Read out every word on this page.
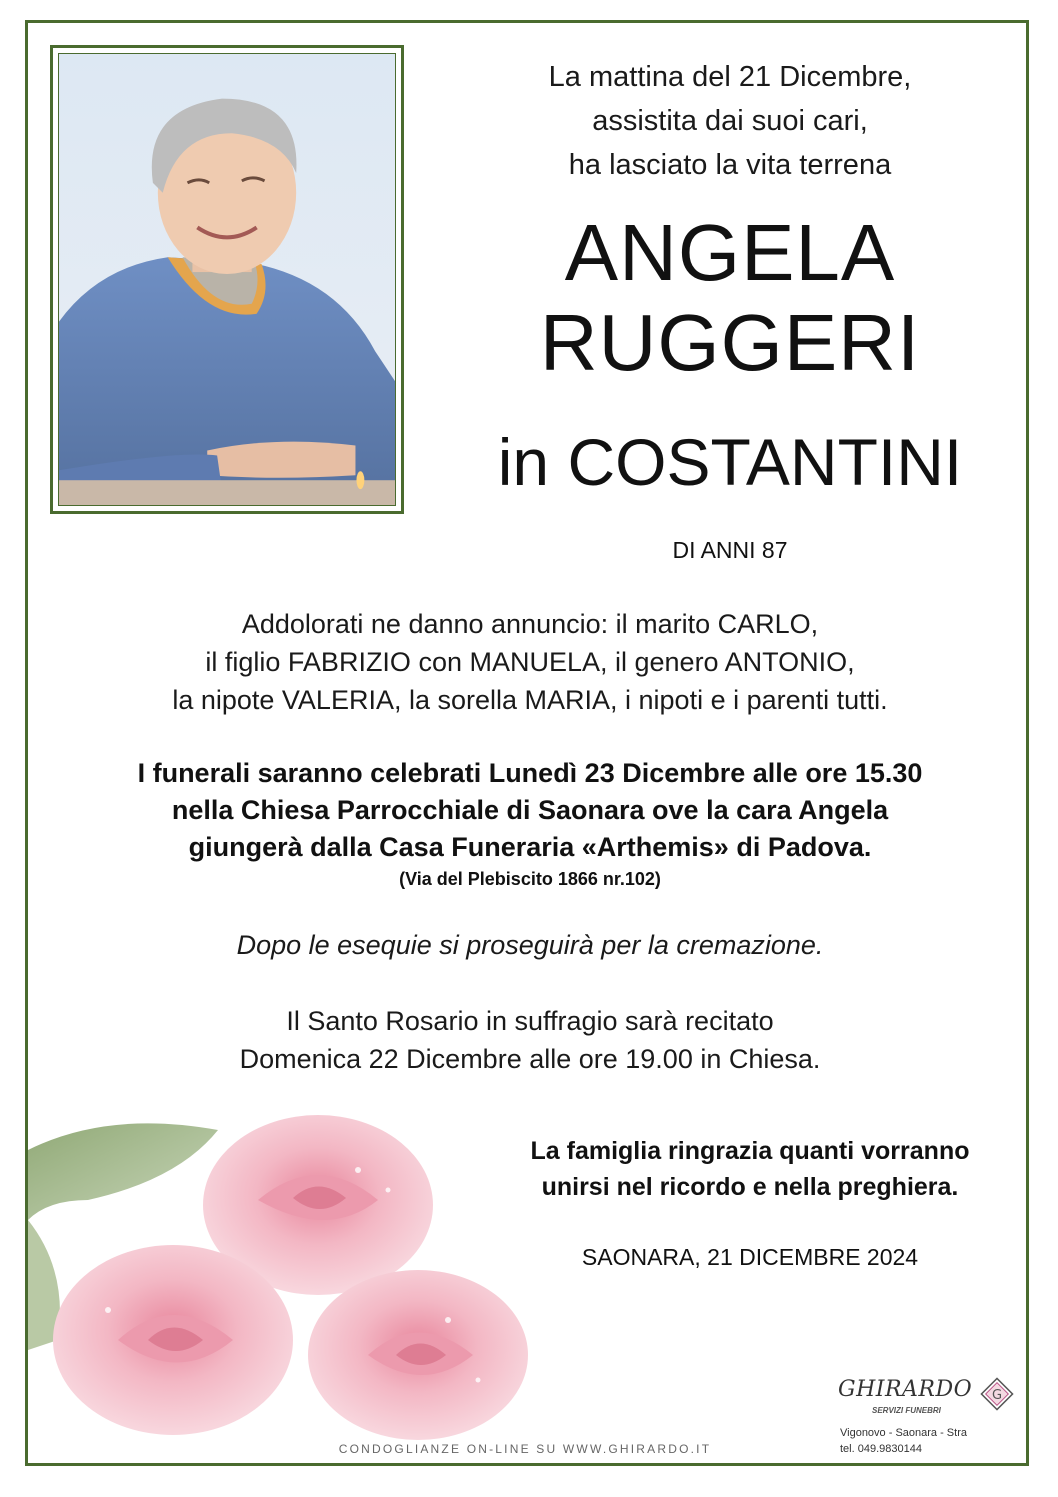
La mattina del 21 Dicembre,
assistita dai suoi cari,
ha lasciato la vita terrena
ANGELA
RUGGERI
in COSTANTINI
DI ANNI 87
Addolorati ne danno annuncio: il marito CARLO,
il figlio FABRIZIO con MANUELA, il genero ANTONIO,
la nipote VALERIA, la sorella MARIA, i nipoti e i parenti tutti.
I funerali saranno celebrati Lunedì 23 Dicembre alle ore 15.30
nella Chiesa Parrocchiale di Saonara ove la cara Angela
giungerà dalla Casa Funeraria «Arthemis» di Padova.
(Via del Plebiscito 1866 nr.102)
Dopo le esequie si proseguirà per la cremazione.
Il Santo Rosario in suffragio sarà recitato
Domenica 22 Dicembre alle ore 19.00 in Chiesa.
La famiglia ringrazia quanti vorranno
unirsi nel ricordo e nella preghiera.
SAONARA, 21 DICEMBRE 2024
CONDOGLIANZE ON-LINE SU WWW.GHIRARDO.IT
GHIRARDO
SERVIZI FUNEBRI
G
Vigonovo - Saonara - Stra
tel. 049.9830144
